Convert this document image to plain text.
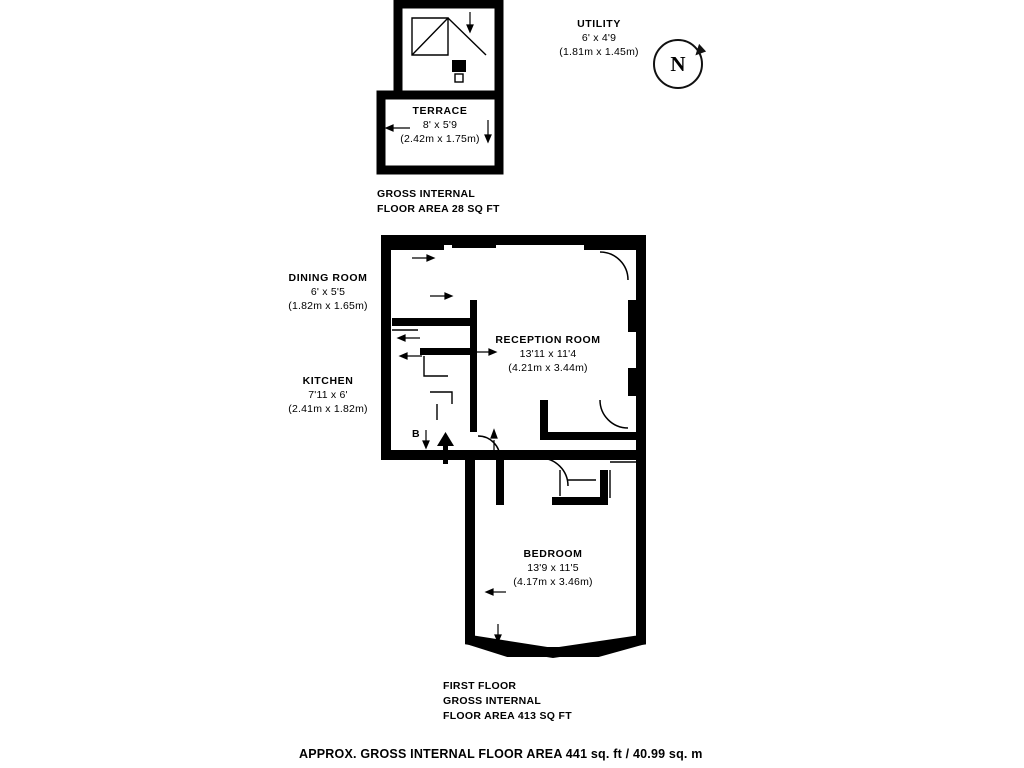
N
UTILITY
6' x 4'9
(1.81m x 1.45m)
TERRACE
8' x 5'9
(2.42m x 1.75m)
DINING ROOM
6' x 5'5
(1.82m x 1.65m)
KITCHEN
7'11 x 6'
(2.41m x 1.82m)
RECEPTION ROOM
13'11 x 11'4
(4.21m x 3.44m)
BEDROOM
13'9 x 11'5
(4.17m x 3.46m)
B
GROSS INTERNAL
FLOOR AREA 28 SQ FT
FIRST FLOOR
GROSS INTERNAL
FLOOR AREA 413 SQ FT
APPROX. GROSS INTERNAL FLOOR AREA 441 sq. ft / 40.99 sq. m
